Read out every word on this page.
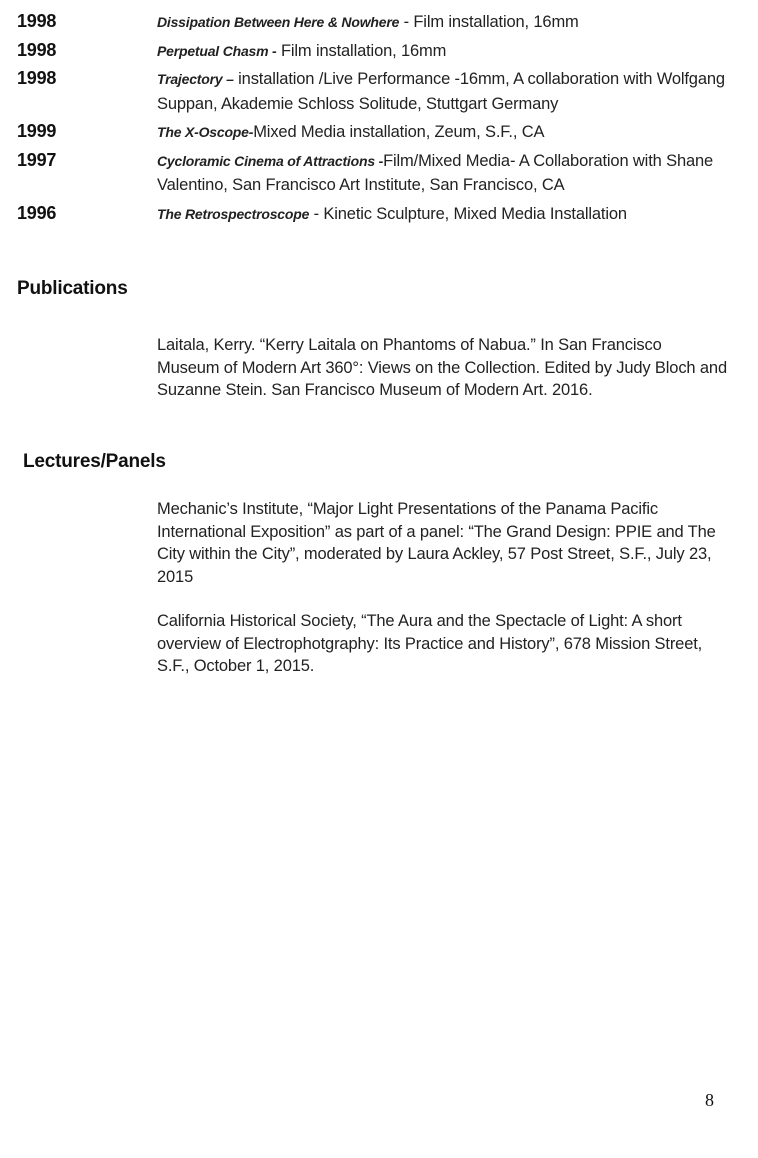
1998	Dissipation Between Here & Nowhere - Film installation, 16mm
1998	Perpetual Chasm - Film installation, 16mm
1998	Trajectory – installation /Live Performance -16mm, A collaboration with Wolfgang Suppan, Akademie Schloss Solitude, Stuttgart Germany
1999	The X-Oscope-Mixed Media installation, Zeum, S.F., CA
1997	Cycloramic Cinema of Attractions -Film/Mixed Media- A Collaboration with Shane Valentino, San Francisco Art Institute, San Francisco, CA
1996	The Retrospectroscope - Kinetic Sculpture, Mixed Media Installation
Publications

Laitala, Kerry. “Kerry Laitala on Phantoms of Nabua.” In San Francisco Museum of Modern Art 360°: Views on the Collection. Edited by Judy Bloch and Suzanne Stein. San Francisco Museum of Modern Art. 2016.

Lectures/Panels

Mechanic’s Institute, “Major Light Presentations of the Panama Pacific International Exposition” as part of a panel: “The Grand Design: PPIE and The City within the City”, moderated by Laura Ackley, 57 Post Street, S.F., July 23, 2015

California Historical Society, “The Aura and the Spectacle of Light: A short overview of Electrophotgraphy: Its Practice and History”, 678 Mission Street, S.F., October 1, 2015.

8
